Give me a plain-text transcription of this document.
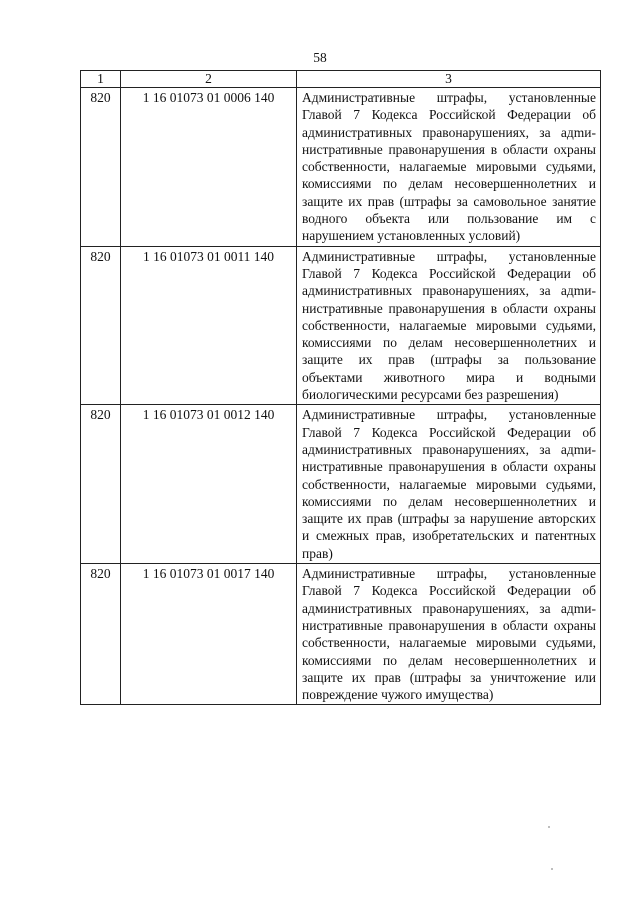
58
1	2	3
820	1 16 01073 01 0006 140	Административные штрафы, установленные Главой 7 Кодекса Российской Федерации об административных правонарушениях, за адmинистративные правонарушения в области охраны собственности, налагаемые мировыми судьями, комиссиями по делам несовершеннолетних и защите их прав (штрафы за самовольное занятие водного объекта или пользование им с нарушением установленных условий)
820	1 16 01073 01 0011 140	Административные штрафы, установленные Главой 7 Кодекса Российской Федерации об административных правонарушениях, за адmинистративные правонарушения в области охраны собственности, налагаемые мировыми судьями, комиссиями по делам несовершеннолетних и защите их прав (штрафы за пользование объектами животного мира и водными биологическими ресурсами без разрешения)
820	1 16 01073 01 0012 140	Административные штрафы, установленные Главой 7 Кодекса Российской Федерации об административных правонарушениях, за адmинистративные правонарушения в области охраны собственности, налагаемые мировыми судьями, комиссиями по делам несовершеннолетних и защите их прав (штрафы за нарушение авторских и смежных прав, изобретательских и патентных прав)
820	1 16 01073 01 0017 140	Административные штрафы, установленные Главой 7 Кодекса Российской Федерации об административных правонарушениях, за адmинистративные правонарушения в области охраны собственности, налагаемые мировыми судьями, комиссиями по делам несовершеннолетних и защите их прав (штрафы за уничтожение или повреждение чужого имущества)
